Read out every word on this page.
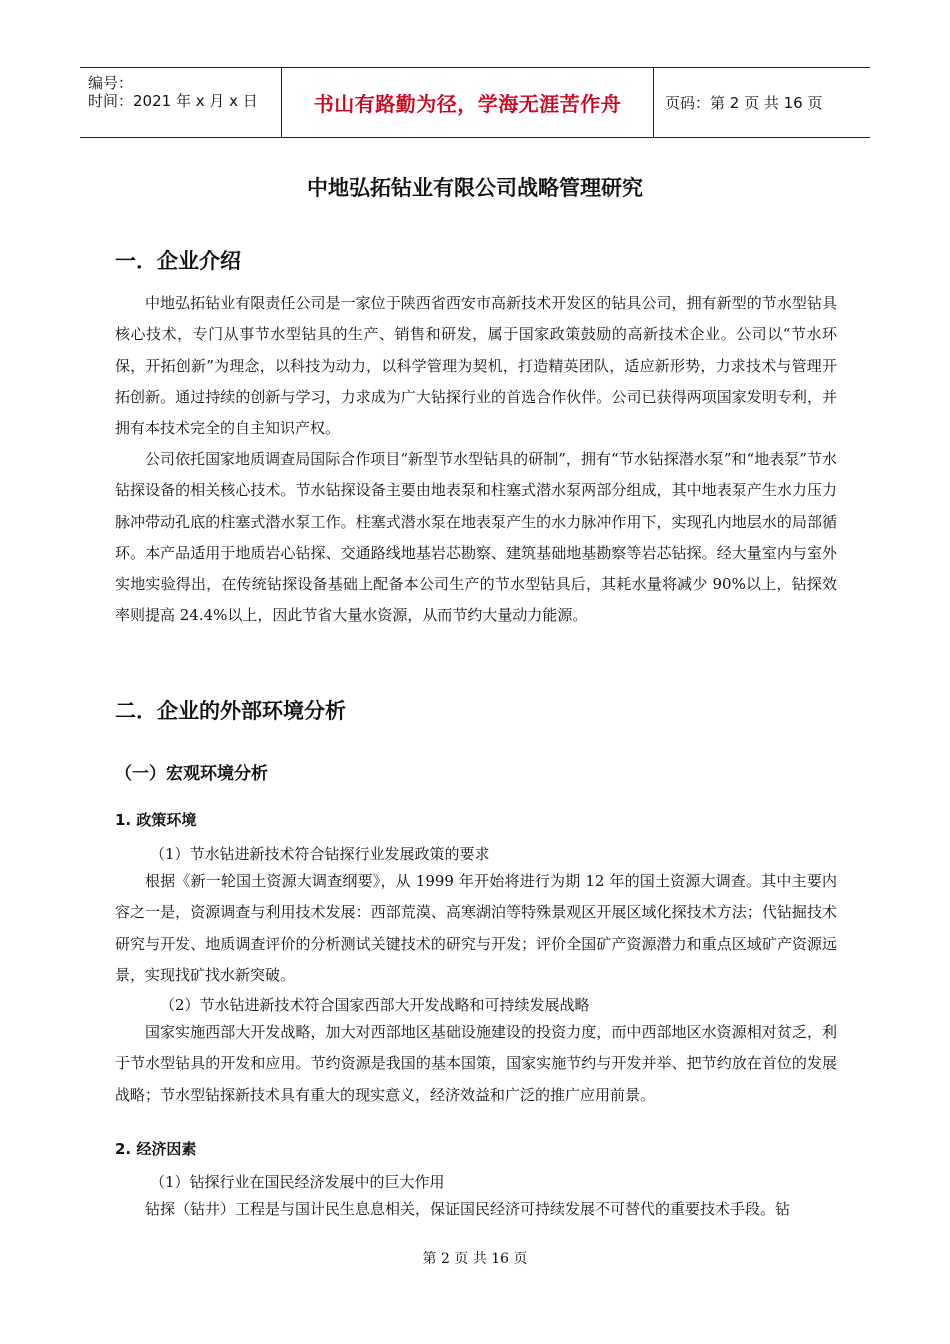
编号：
时间：2021 年 x 月 x 日	书山有路勤为径，学海无涯苦作舟	页码：第 2 页 共 16 页
中地弘拓钻业有限公司战略管理研究
一．企业介绍

中地弘拓钻业有限责任公司是一家位于陕西省西安市高新技术开发区的钻具公司，拥有新型的节水型钻具核心技术，专门从事节水型钻具的生产、销售和研发，属于国家政策鼓励的高新技术企业。公司以“节水环保，开拓创新”为理念，以科技为动力，以科学管理为契机，打造精英团队，适应新形势，力求技术与管理开拓创新。通过持续的创新与学习，力求成为广大钻探行业的首选合作伙伴。公司已获得两项国家发明专利，并拥有本技术完全的自主知识产权。

公司依托国家地质调查局国际合作项目“新型节水型钻具的研制”，拥有“节水钻探潜水泵”和“地表泵”节水钻探设备的相关核心技术。节水钻探设备主要由地表泵和柱塞式潜水泵两部分组成，其中地表泵产生水力压力脉冲带动孔底的柱塞式潜水泵工作。柱塞式潜水泵在地表泵产生的水力脉冲作用下，实现孔内地层水的局部循环。本产品适用于地质岩心钻探、交通路线地基岩芯勘察、建筑基础地基勘察等岩芯钻探。经大量室内与室外实地实验得出，在传统钻探设备基础上配备本公司生产的节水型钻具后，其耗水量将减少 90%以上，钻探效率则提高 24.4%以上，因此节省大量水资源，从而节约大量动力能源。

二．企业的外部环境分析
（一）宏观环境分析
1. 政策环境
（1）节水钻进新技术符合钻探行业发展政策的要求

根据《新一轮国土资源大调查纲要》，从 1999 年开始将进行为期 12 年的国土资源大调查。其中主要内容之一是，资源调查与利用技术发展：西部荒漠、高寒湖泊等特殊景观区开展区域化探技术方法；代钻掘技术研究与开发、地质调查评价的分析测试关键技术的研究与开发；评价全国矿产资源潜力和重点区域矿产资源远景，实现找矿找水新突破。

（2）节水钻进新技术符合国家西部大开发战略和可持续发展战略

国家实施西部大开发战略，加大对西部地区基础设施建设的投资力度，而中西部地区水资源相对贫乏，利于节水型钻具的开发和应用。节约资源是我国的基本国策，国家实施节约与开发并举、把节约放在首位的发展战略；节水型钻探新技术具有重大的现实意义，经济效益和广泛的推广应用前景。

2. 经济因素
（1）钻探行业在国民经济发展中的巨大作用

钻探（钻井）工程是与国计民生息息相关，保证国民经济可持续发展不可替代的重要技术手段。钻

第 2 页 共 16 页
